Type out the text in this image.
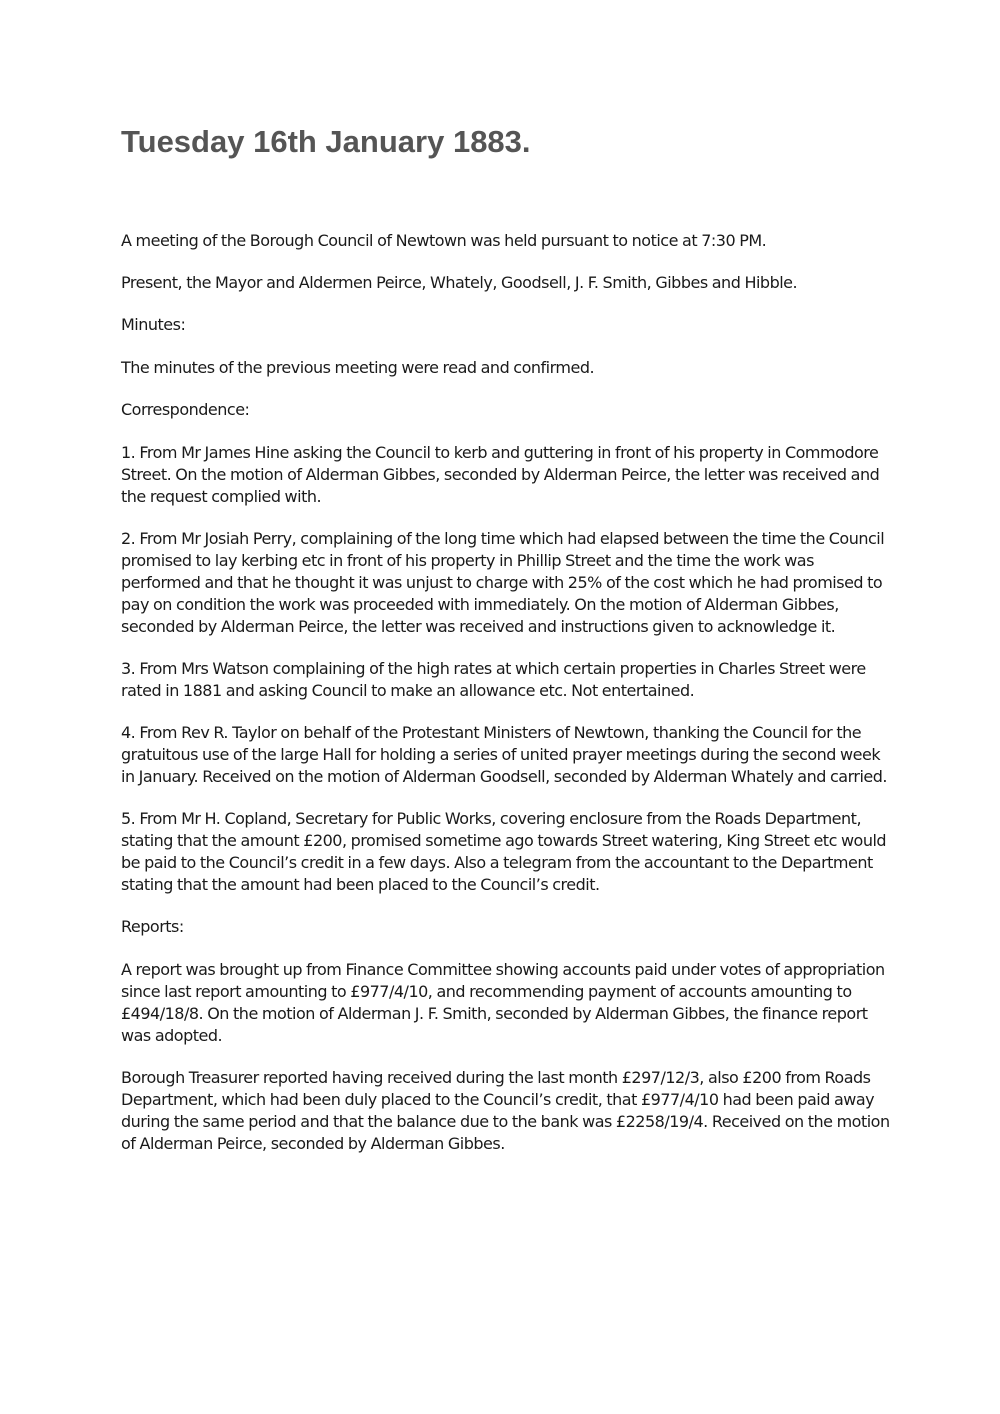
Tuesday 16th January 1883.

A meeting of the Borough Council of Newtown was held pursuant to notice at 7:30 PM.

Present, the Mayor and Aldermen Peirce, Whately, Goodsell, J. F. Smith, Gibbes and Hibble.

Minutes:

The minutes of the previous meeting were read and confirmed.

Correspondence:

1. From Mr James Hine asking the Council to kerb and guttering in front of his property in Commodore Street. On the motion of Alderman Gibbes, seconded by Alderman Peirce, the letter was received and the request complied with.

2. From Mr Josiah Perry, complaining of the long time which had elapsed between the time the Council promised to lay kerbing etc in front of his property in Phillip Street and the time the work was performed and that he thought it was unjust to charge with 25% of the cost which he had promised to pay on condition the work was proceeded with immediately. On the motion of Alderman Gibbes, seconded by Alderman Peirce, the letter was received and instructions given to acknowledge it.

3. From Mrs Watson complaining of the high rates at which certain properties in Charles Street were rated in 1881 and asking Council to make an allowance etc. Not entertained.

4. From Rev R. Taylor on behalf of the Protestant Ministers of Newtown, thanking the Council for the gratuitous use of the large Hall for holding a series of united prayer meetings during the second week in January. Received on the motion of Alderman Goodsell, seconded by Alderman Whately and carried.

5. From Mr H. Copland, Secretary for Public Works, covering enclosure from the Roads Department, stating that the amount £200, promised sometime ago towards Street watering, King Street etc would be paid to the Council’s credit in a few days. Also a telegram from the accountant to the Department stating that the amount had been placed to the Council’s credit.

Reports:

A report was brought up from Finance Committee showing accounts paid under votes of appropriation since last report amounting to £977/4/10, and recommending payment of accounts amounting to £494/18/8. On the motion of Alderman J. F. Smith, seconded by Alderman Gibbes, the finance report was adopted.

Borough Treasurer reported having received during the last month £297/12/3, also £200 from Roads Department, which had been duly placed to the Council’s credit, that £977/4/10 had been paid away during the same period and that the balance due to the bank was £2258/19/4. Received on the motion of Alderman Peirce, seconded by Alderman Gibbes.
